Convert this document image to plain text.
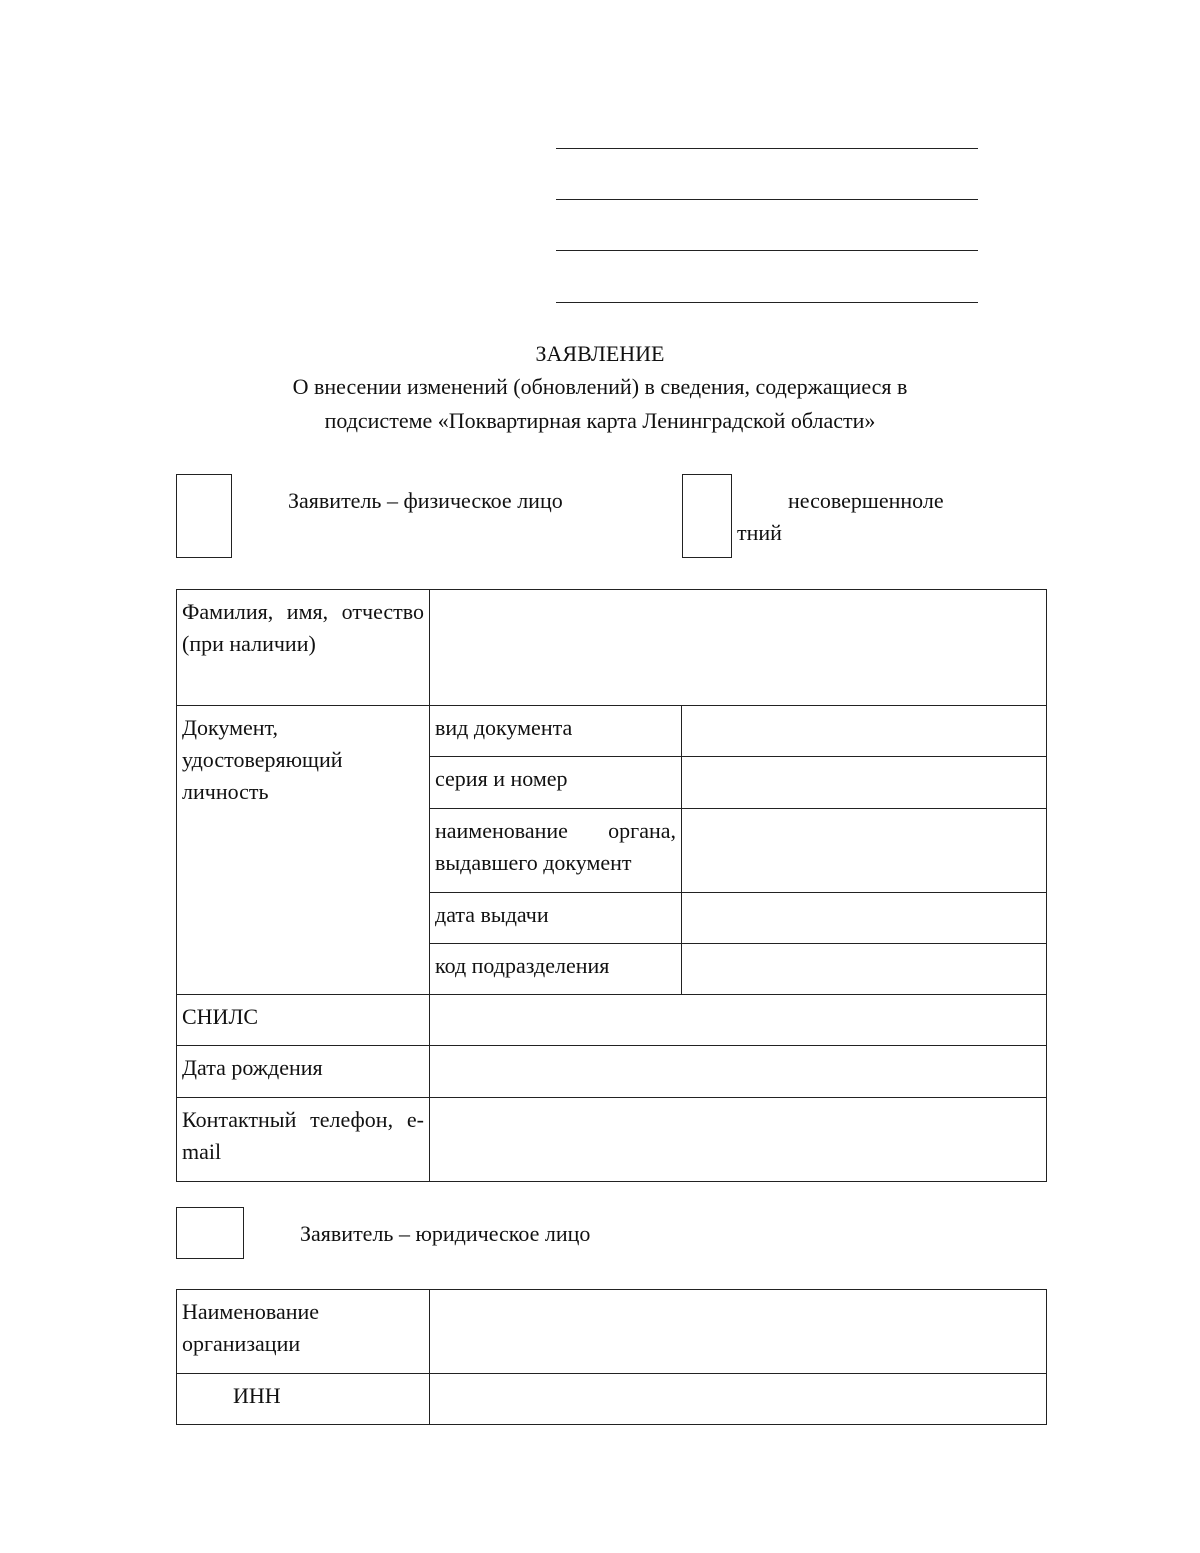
ЗАЯВЛЕНИЕ
О внесении изменений (обновлений) в сведения, содержащиеся в
подсистеме «Поквартирная карта Ленинградской области»
Заявитель – физическое лицо	несовершенноле
тний
Фамилия, имя, отчество (при наличии)		
Документ, удостоверяющий личность	вид документа	
	серия и номер	
	наименование органа, выдавшего документ	
	дата выдачи	
	код подразделения	
СНИЛС		
Дата рождения		
Контактный телефон, e-mail		
Заявитель – юридическое лицо
Наименование организации	
ИНН	
